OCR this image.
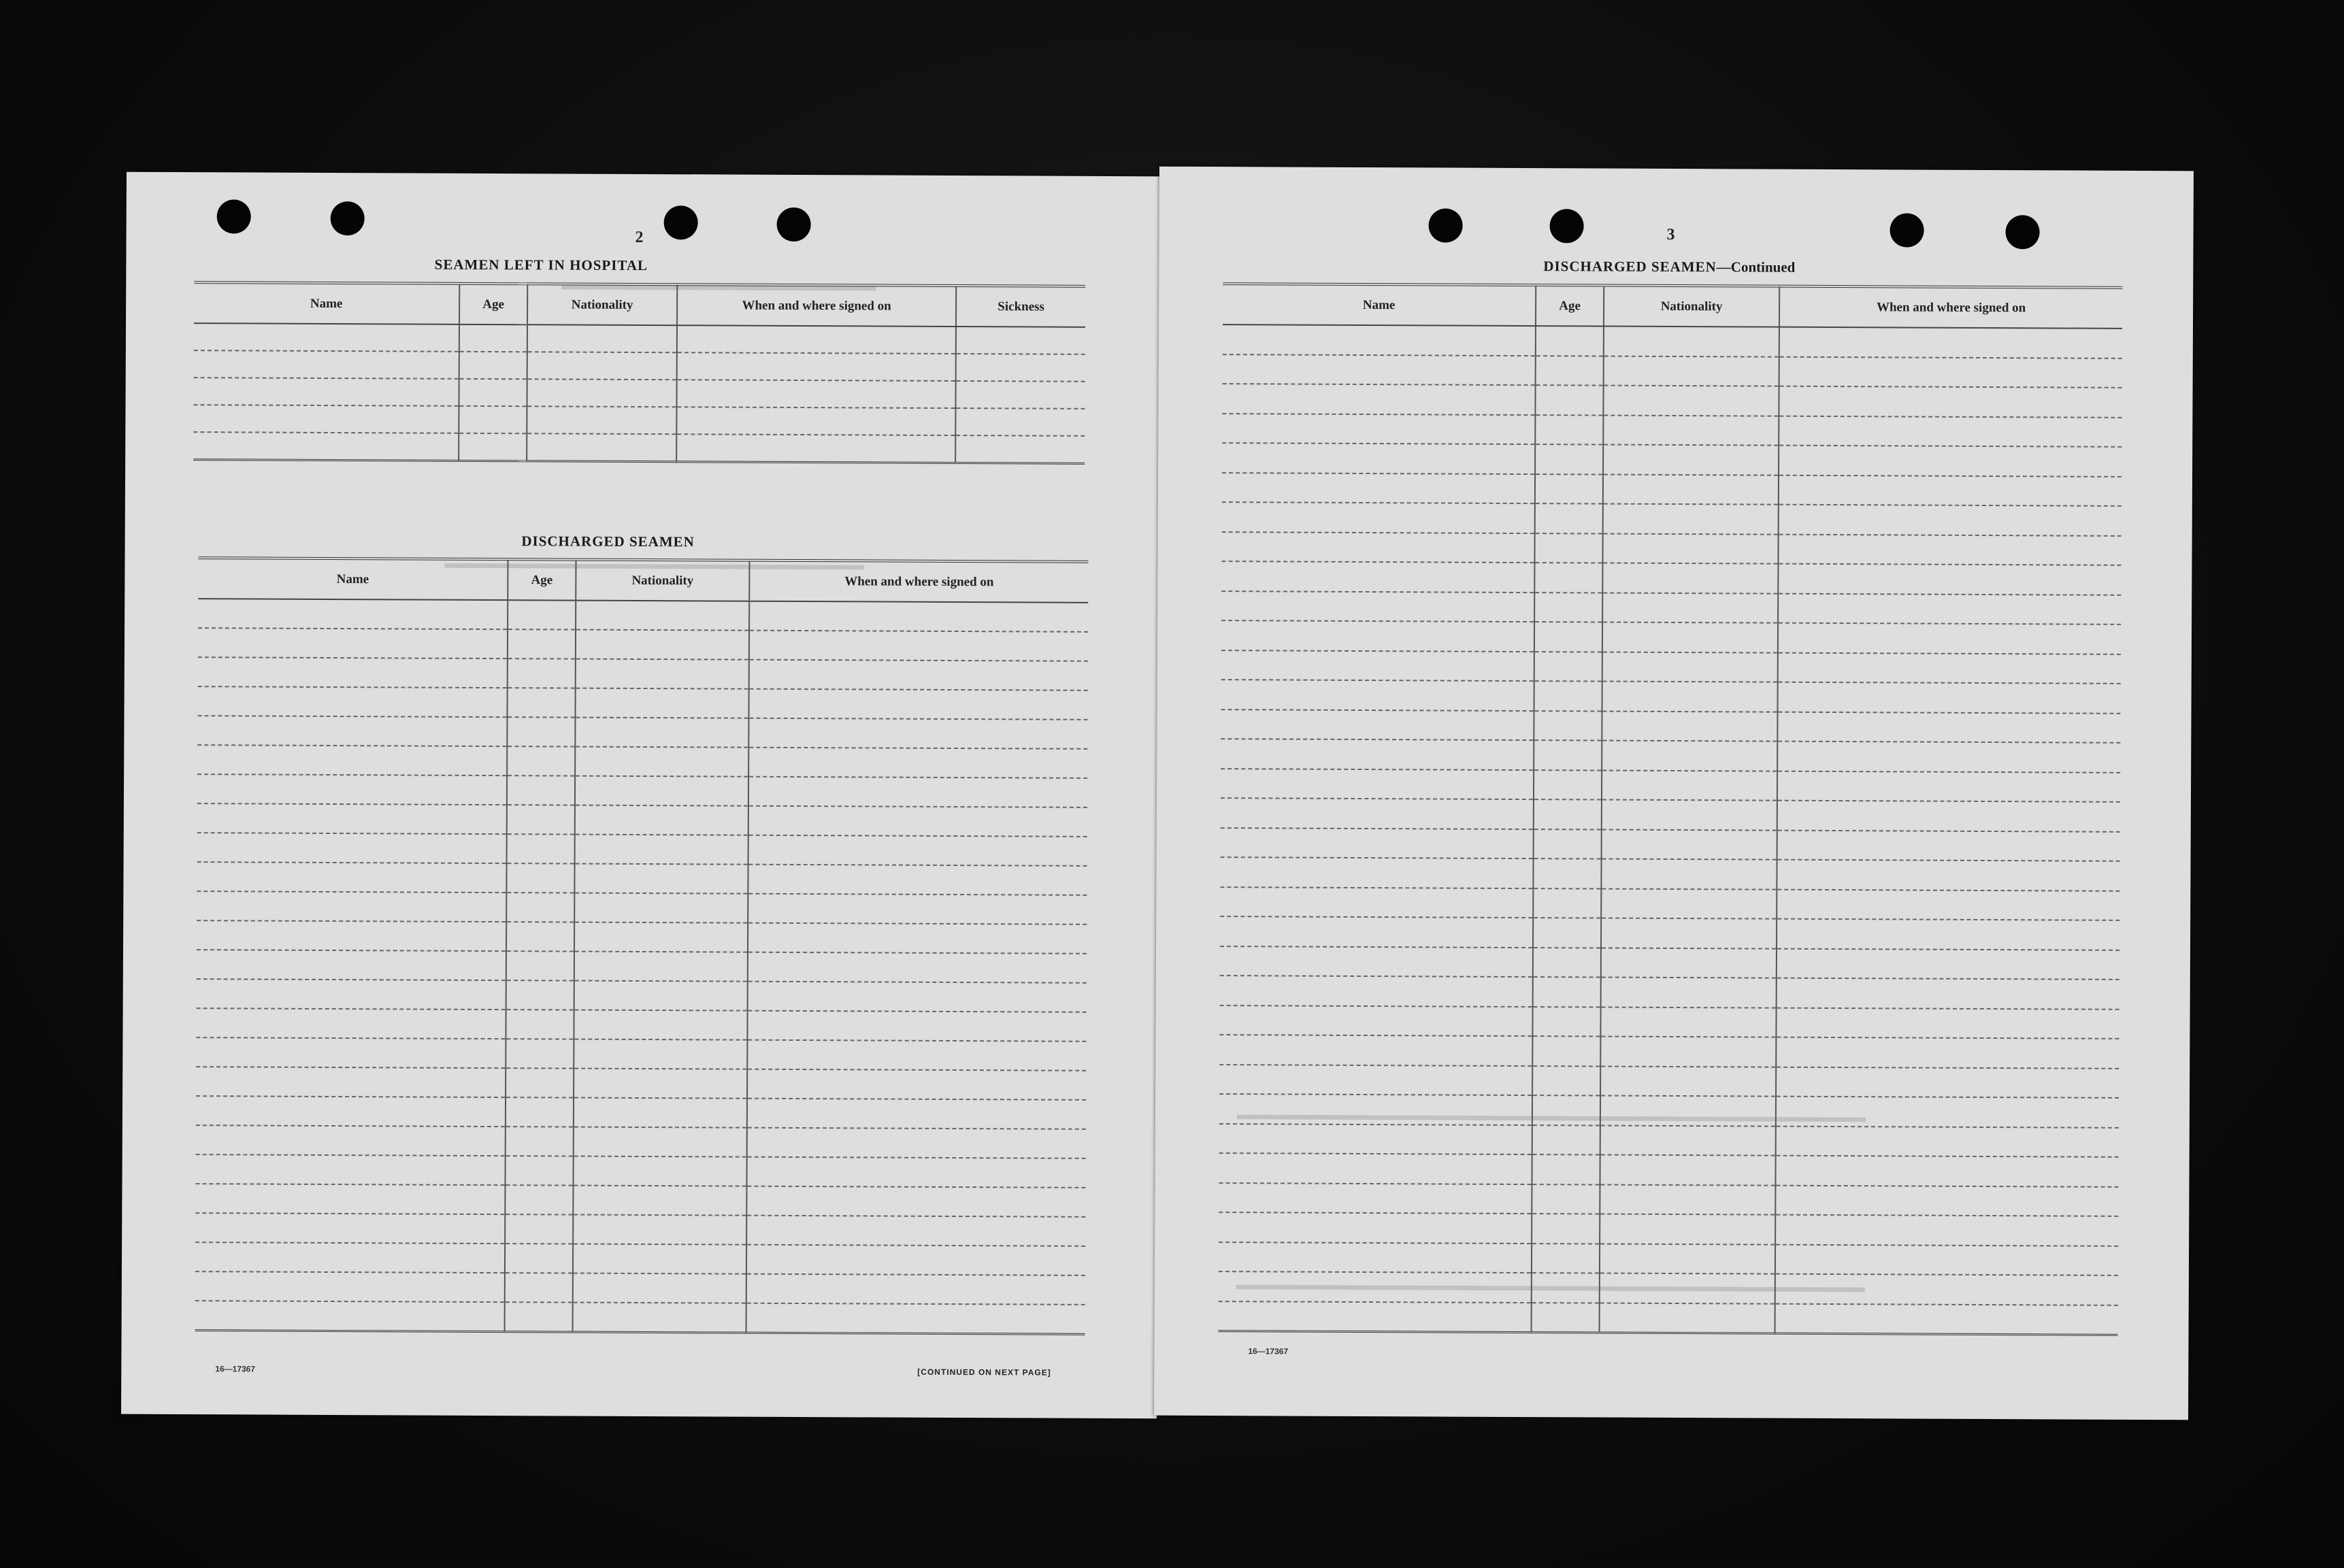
▬▬▬▬▬▬▬▬▬▬▬▬▬▬▬▬▬▬▬▬▬
▬▬▬▬▬▬▬▬▬▬▬▬▬▬▬▬▬▬▬▬▬▬▬▬▬▬▬▬
2
SEAMEN LEFT IN HOSPITAL
Name	Age	Nationality	When and where signed on	Sickness

DISCHARGED SEAMEN
Name	Age	Nationality	When and where signed on

16—17367	[CONTINUED ON NEXT PAGE]
▬▬▬▬▬▬▬▬▬▬▬▬▬▬▬▬▬▬▬▬▬▬▬▬▬▬▬▬▬▬▬▬▬▬▬▬▬▬▬▬▬▬
▬▬▬▬▬▬▬▬▬▬▬▬▬▬▬▬▬▬▬▬▬▬▬▬▬▬▬▬▬▬▬▬▬▬▬▬▬▬▬▬▬▬
3
DISCHARGED SEAMEN—Continued
Name	Age	Nationality	When and where signed on

16—17367
